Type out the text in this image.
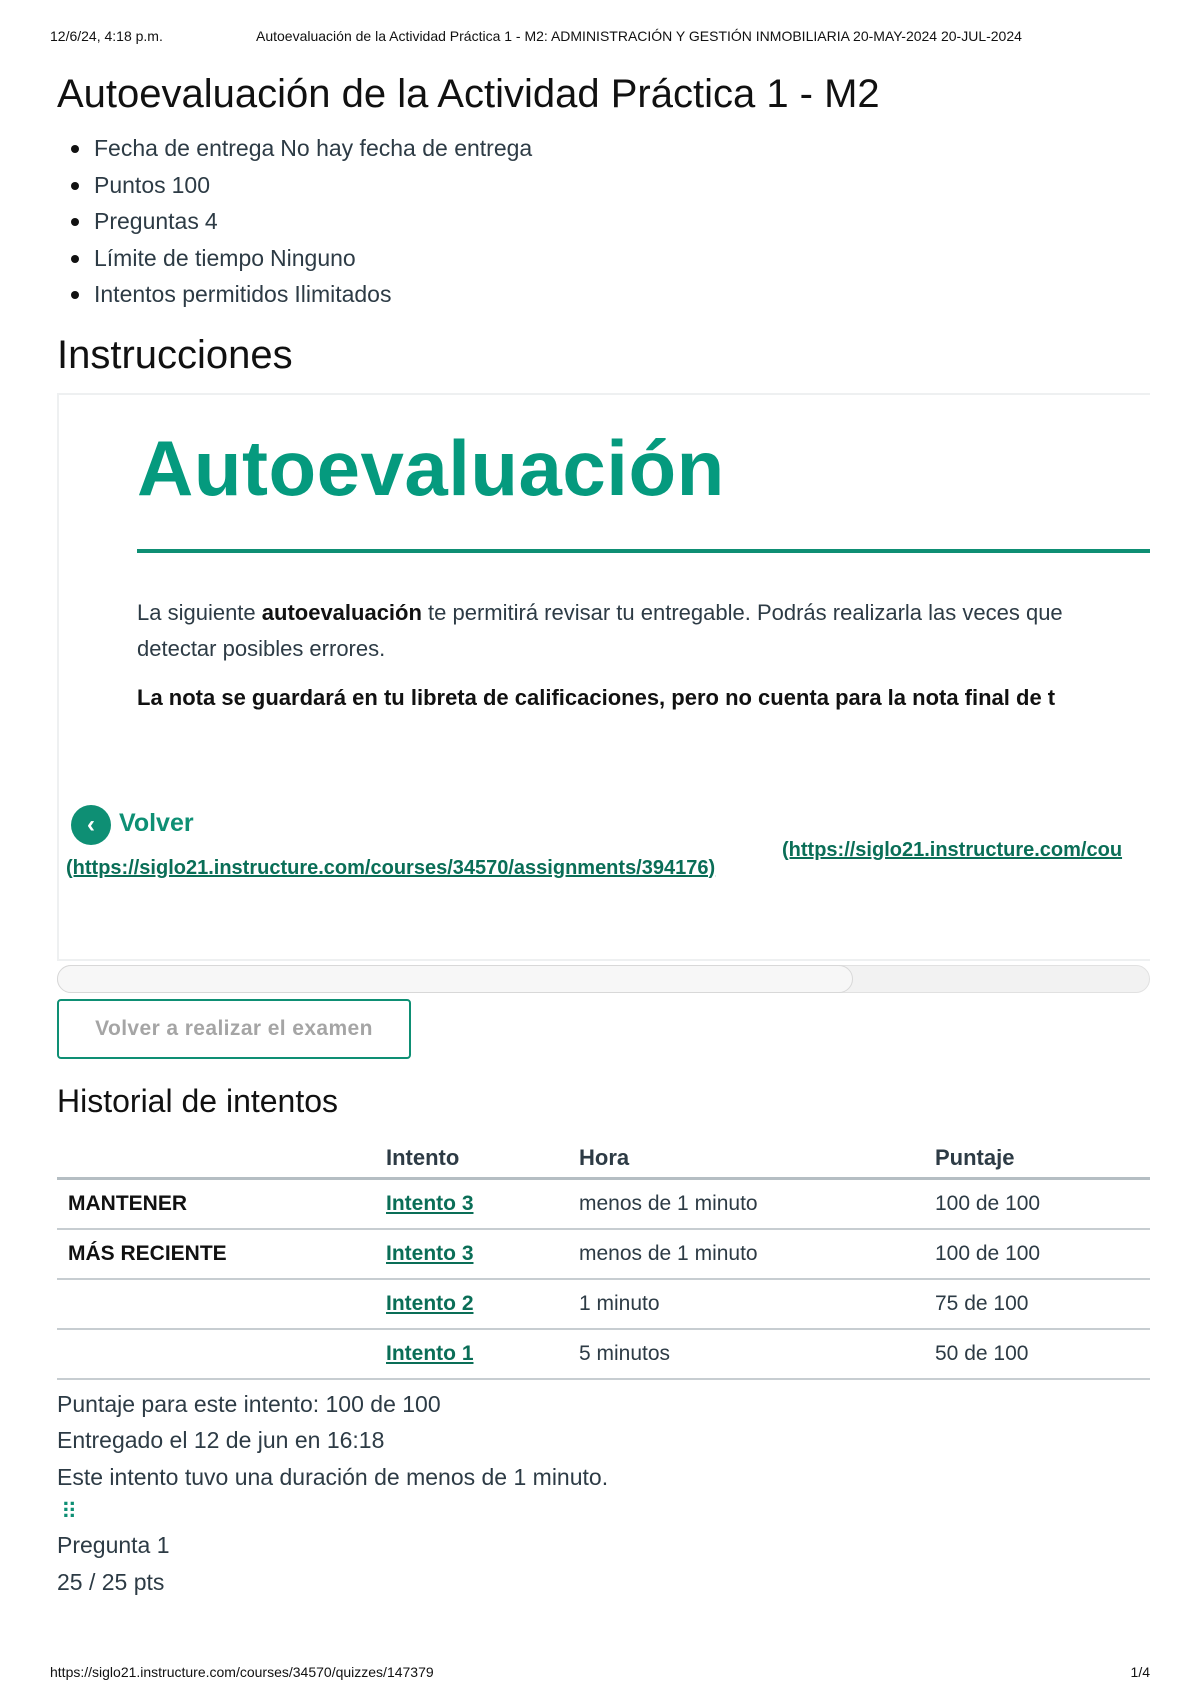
12/6/24, 4:18 p.m.	Autoevaluación de la Actividad Práctica 1 - M2: ADMINISTRACIÓN Y GESTIÓN INMOBILIARIA 20-MAY-2024 20-JUL-2024
Autoevaluación de la Actividad Práctica 1 - M2
Fecha de entrega No hay fecha de entrega
Puntos 100
Preguntas 4
Límite de tiempo Ninguno
Intentos permitidos Ilimitados
Instrucciones
Autoevaluación
La siguiente autoevaluación te permitirá revisar tu entregable. Podrás realizarla las veces que
detectar posibles errores.
La nota se guardará en tu libreta de calificaciones, pero no cuenta para la nota final de t
‹ Volver
(https://siglo21.instructure.com/courses/34570/assignments/394176)
(https://siglo21.instructure.com/cou
Volver a realizar el examen
Historial de intentos
	Intento	Hora	Puntaje
MANTENER	Intento 3	menos de 1 minuto	100 de 100
MÁS RECIENTE	Intento 3	menos de 1 minuto	100 de 100
	Intento 2	1 minuto	75 de 100
	Intento 1	5 minutos	50 de 100
Puntaje para este intento: 100 de 100
Entregado el 12 de jun en 16:18
Este intento tuvo una duración de menos de 1 minuto.
⠿
Pregunta 1
25 / 25 pts
https://siglo21.instructure.com/courses/34570/quizzes/147379	1/4
